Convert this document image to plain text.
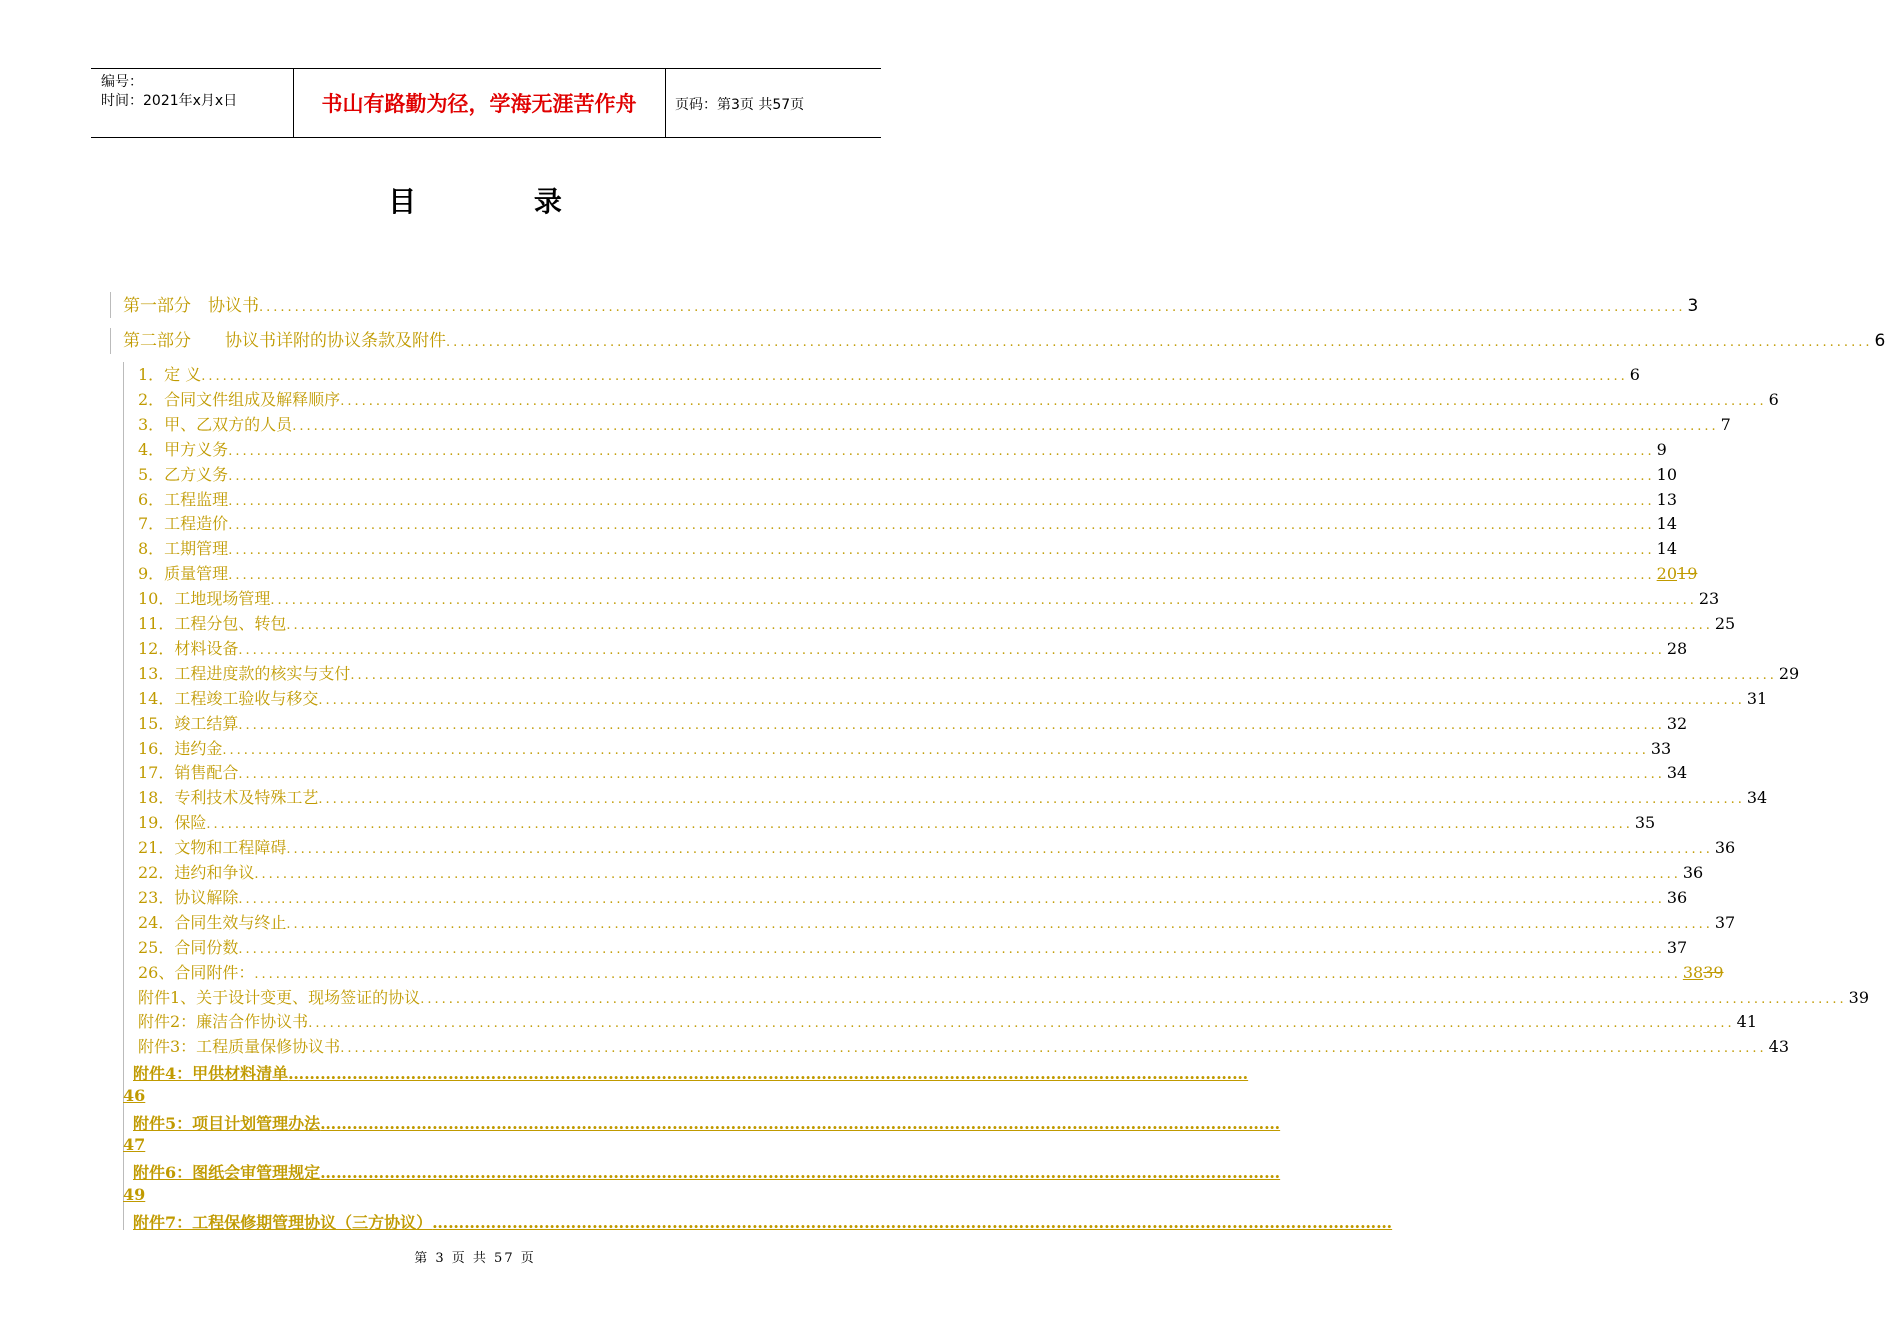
编号：
时间：2021年x月x日	书山有路勤为径，学海无涯苦作舟	页码：第3页 共57页
目 录
第一部分　协议书 ........................................................................................................................................................................................................ 3
第二部分　　协议书详附的协议条款及附件 ........................................................................................................................................................................................................ 6
1．定 义 ........................................................................................................................................................................................................ 6
2．合同文件组成及解释顺序 ........................................................................................................................................................................................................ 6
3．甲、乙双方的人员 ........................................................................................................................................................................................................ 7
4．甲方义务 ........................................................................................................................................................................................................ 9
5．乙方义务 ........................................................................................................................................................................................................ 10
6．工程监理 ........................................................................................................................................................................................................ 13
7．工程造价 ........................................................................................................................................................................................................ 14
8．工期管理 ........................................................................................................................................................................................................ 14
9．质量管理 ........................................................................................................................................................................................................ 2019
10．工地现场管理 ........................................................................................................................................................................................................ 23
11．工程分包、转包 ........................................................................................................................................................................................................ 25
12．材料设备 ........................................................................................................................................................................................................ 28
13．工程进度款的核实与支付 ........................................................................................................................................................................................................ 29
14．工程竣工验收与移交 ........................................................................................................................................................................................................ 31
15．竣工结算 ........................................................................................................................................................................................................ 32
16．违约金 ........................................................................................................................................................................................................ 33
17．销售配合 ........................................................................................................................................................................................................ 34
18．专利技术及特殊工艺 ........................................................................................................................................................................................................ 34
19．保险 ........................................................................................................................................................................................................ 35
21．文物和工程障碍 ........................................................................................................................................................................................................ 36
22．违约和争议 ........................................................................................................................................................................................................ 36
23．协议解除 ........................................................................................................................................................................................................ 36
24．合同生效与终止 ........................................................................................................................................................................................................ 37
25．合同份数 ........................................................................................................................................................................................................ 37
26、合同附件： ........................................................................................................................................................................................................ 3839
附件1、关于设计变更、现场签证的协议 ........................................................................................................................................................................................................ 39
附件2：廉洁合作协议书 ........................................................................................................................................................................................................ 41
附件3：工程质量保修协议书 ........................................................................................................................................................................................................ 43
附件4：甲供材料清单………………………………………………………………………………………………………………………………………………………………
46
附件5：项目计划管理办法………………………………………………………………………………………………………………………………………………………………
47
附件6：图纸会审管理规定………………………………………………………………………………………………………………………………………………………………
49
附件7：工程保修期管理协议（三方协议）………………………………………………………………………………………………………………………………………………………………
第 3 页 共 57 页
